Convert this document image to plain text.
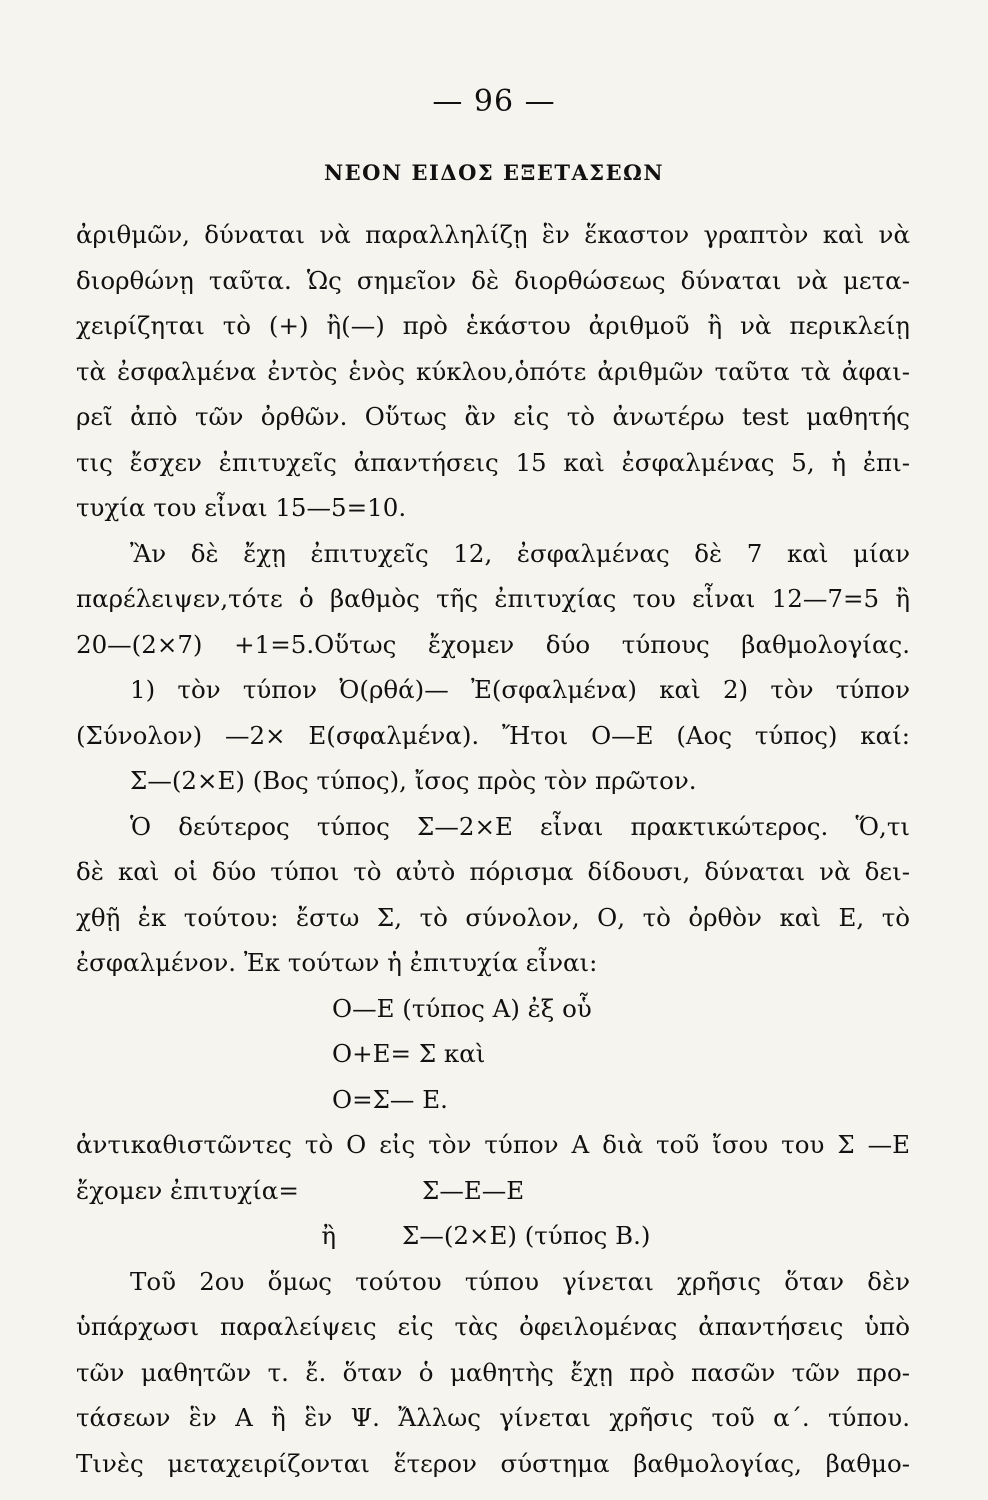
— 96 —
ΝΕΟΝ ΕΙΔΟΣ ΕΞΕΤΑΣΕΩΝ
ἀριθμῶν, δύναται νὰ παραλληλίζῃ ἓν ἕκαστον γραπτὸν καὶ νὰ
διορθώνῃ ταῦτα. Ὡς σημεῖον δὲ διορθώσεως δύναται νὰ μετα-
χειρίζηται τὸ (+) ἢ(—) πρὸ ἑκάστου ἀριθμοῦ ἢ νὰ περικλείῃ
τὰ ἐσφαλμένα ἐντὸς ἑνὸς κύκλου,ὁπότε ἀριθμῶν ταῦτα τὰ ἀφαι-
ρεῖ ἀπὸ τῶν ὀρθῶν. Οὕτως ἂν εἰς τὸ ἀνωτέρω test μαθητής
τις ἔσχεν ἐπιτυχεῖς ἀπαντήσεις 15 καὶ ἐσφαλμένας 5, ἡ ἐπι-
τυχία του εἶναι 15—5=10.
Ἂν δὲ ἔχῃ ἐπιτυχεῖς 12, ἐσφαλμένας δὲ 7 καὶ μίαν
παρέλειψεν,τότε ὁ βαθμὸς τῆς ἐπιτυχίας του εἶναι 12—7=5 ἢ
20—(2×7) +1=5.Οὕτως ἔχομεν δύο τύπους βαθμολογίας.
1) τὸν τύπον Ὀ(ρθά)— Ἐ(σφαλμένα) καὶ 2) τὸν τύπον
(Σύνολον) —2× Ε(σφαλμένα). Ἤτοι Ο—Ε (Αος τύπος) καί:
Σ—(2×Ε) (Βος τύπος), ἴσος πρὸς τὸν πρῶτον.
Ὁ δεύτερος τύπος Σ—2×Ε εἶναι πρακτικώτερος. Ὅ,τι
δὲ καὶ οἱ δύο τύποι τὸ αὐτὸ πόρισμα δίδουσι, δύναται νὰ δει-
χθῇ ἐκ τούτου: ἔστω Σ, τὸ σύνολον, Ο, τὸ ὀρθὸν καὶ Ε, τὸ
ἐσφαλμένον. Ἐκ τούτων ἡ ἐπιτυχία εἶναι:
Ο—Ε (τύπος Α) ἐξ οὗ
Ο+Ε= Σ καὶ
Ο=Σ— Ε.
ἀντικαθιστῶντες τὸ Ο εἰς τὸν τύπον Α διὰ τοῦ ἴσου του Σ —Ε
ἔχομεν ἐπιτυχία=	Σ—Ε—Ε
ἢ	Σ—(2×Ε) (τύπος Β.)
Τοῦ 2ου ὅμως τούτου τύπου γίνεται χρῆσις ὅταν δὲν
ὑπάρχωσι παραλείψεις εἰς τὰς ὀφειλομένας ἀπαντήσεις ὑπὸ
τῶν μαθητῶν τ. ἔ. ὅταν ὁ μαθητὴς ἔχῃ πρὸ πασῶν τῶν προ-
τάσεων ἓν Α ἢ ἓν Ψ. Ἄλλως γίνεται χρῆσις τοῦ α΄. τύπου.
Τινὲς μεταχειρίζονται ἕτερον σύστημα βαθμολογίας, βαθμο-
